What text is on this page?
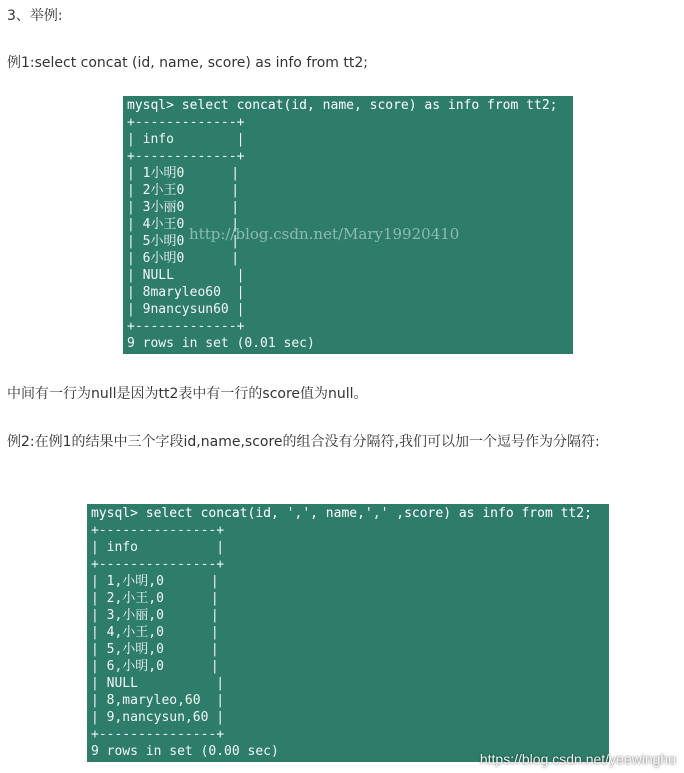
3、举例:

例1:select concat (id, name, score) as info from tt2;

mysql> select concat(id, name, score) as info from tt2;
+-------------+
| info        |
+-------------+
| 1小明0      |
| 2小王0      |
| 3小丽0      |
| 4小王0      |
| 5小明0      |
| 6小明0      |
| NULL        |
| 8maryleo60  |
| 9nancysun60 |
+-------------+
9 rows in set (0.01 sec)
http://blog.csdn.net/Mary19920410

中间有一行为null是因为tt2表中有一行的score值为null。

例2:在例1的结果中三个字段id,name,score的组合没有分隔符,我们可以加一个逗号作为分隔符:

mysql> select concat(id, ',', name,',' ,score) as info from tt2;
+---------------+
| info          |
+---------------+
| 1,小明,0      |
| 2,小王,0      |
| 3,小丽,0      |
| 4,小王,0      |
| 5,小明,0      |
| 6,小明,0      |
| NULL          |
| 8,maryleo,60  |
| 9,nancysun,60 |
+---------------+
9 rows in set (0.00 sec)	https://blog.csdn.net/yeewingho
